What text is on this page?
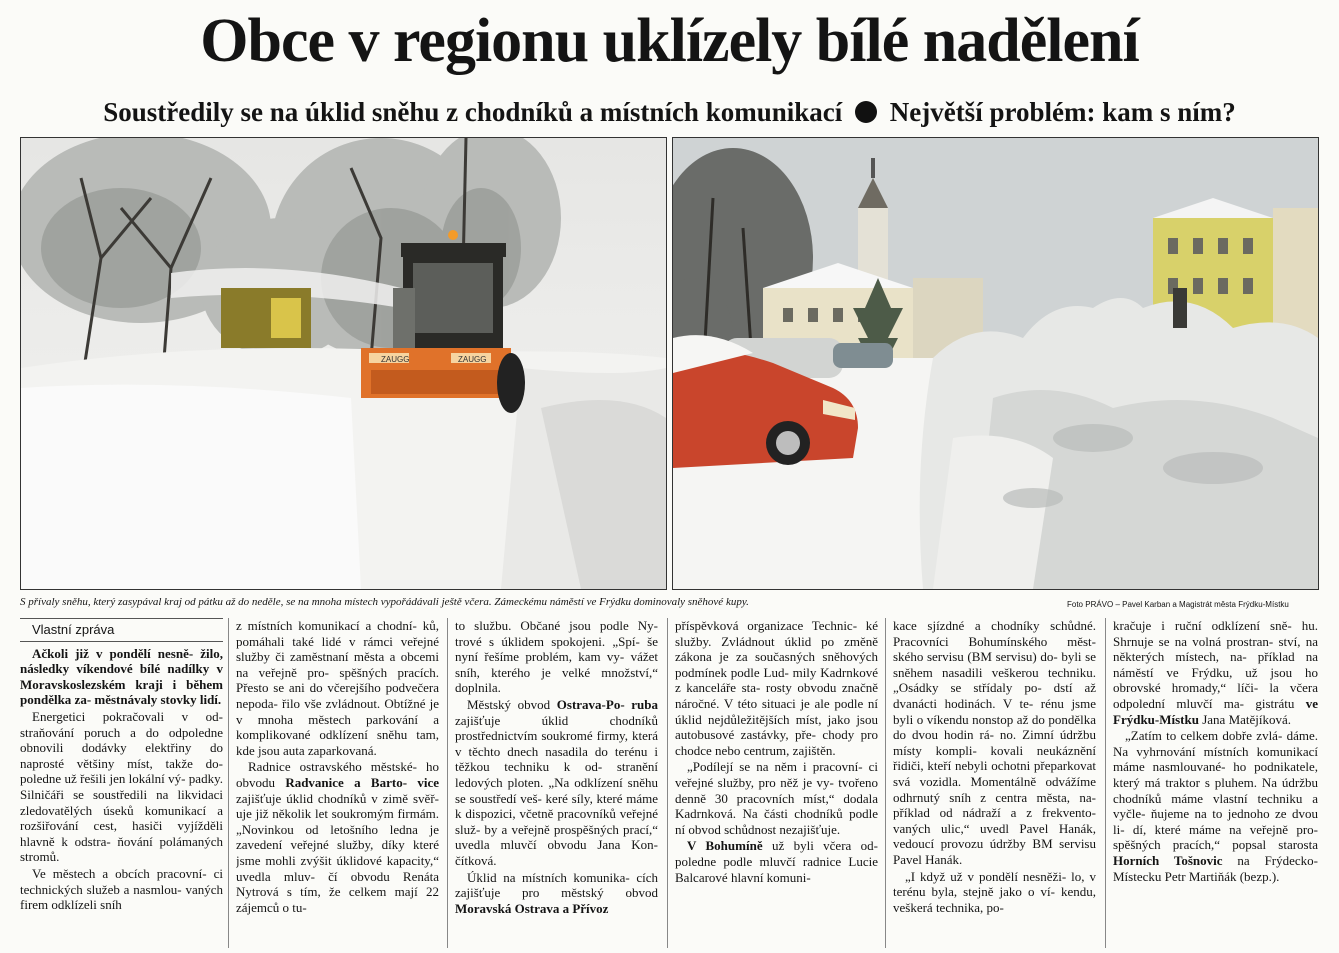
Obce v regionu uklízely bílé nadělení
Soustředily se na úklid sněhu z chodníků a místních komunikací Největší problém: kam s ním?
ZAUGG	ZAUGG
S přívaly sněhu, který zasypával kraj od pátku až do neděle, se na mnoha místech vypořádávali ještě včera. Zámeckému náměstí ve Frýdku dominovaly sněhové kupy.	Foto PRÁVO – Pavel Karban a Magistrát města Frýdku-Místku
Vlastní zpráva

Ačkoli již v pondělí nesně- žilo, následky víkendové bílé nadílky v Moravskoslezském kraji i během pondělka za- městnávaly stovky lidí.

Energetici pokračovali v od- straňování poruch a do odpoledne obnovili dodávky elektřiny do naprosté většiny míst, takže do- poledne už řešili jen lokální vý- padky. Silničáři se soustředili na likvidaci zledovatělých úseků komunikací a rozšiřování cest, hasiči vyjížděli hlavně k odstra- ňování polámaných stromů.

Ve městech a obcích pracovní- ci technických služeb a nasmlou- vaných firem odklízeli sníh

z místních komunikací a chodní- ků, pomáhali také lidé v rámci veřejné služby či zaměstnaní města a obcemi na veřejně pro- spěšných pracích. Přesto se ani do včerejšího podvečera nepoda- řilo vše zvládnout. Obtížné je v mnoha městech parkování a komplikované odklízení sněhu tam, kde jsou auta zaparkovaná.

Radnice ostravského městské- ho obvodu Radvanice a Barto- vice zajišťuje úklid chodníků v zimě svěř- uje již několik let soukromým firmám. „Novinkou od letošního ledna je zavedení veřejné služby, díky které jsme mohli zvýšit úklidové kapacity,“ uvedla mluv- čí obvodu Renáta Nytrová s tím, že celkem mají 22 zájemců o tu-

to službu. Občané jsou podle Ny- trové s úklidem spokojeni. „Spí- še nyní řešíme problém, kam vy- vážet sníh, kterého je velké množství,“ doplnila.

Městský obvod Ostrava-Po- ruba zajišťuje úklid chodníků prostřednictvím soukromé firmy, která v těchto dnech nasadila do terénu i těžkou techniku k od- stranění ledových ploten. „Na odklízení sněhu se soustředí veš- keré síly, které máme k dispozici, včetně pracovníků veřejné služ- by a veřejně prospěšných prací,“ uvedla mluvčí obvodu Jana Kon- čítková.

Úklid na místních komunika- cích zajišťuje pro městský obvod Moravská Ostrava a Přívoz

příspěvková organizace Technic- ké služby. Zvládnout úklid po změně zákona je za současných sněhových podmínek podle Lud- mily Kadrnkové z kanceláře sta- rosty obvodu značně náročné. V této situaci je ale podle ní úklid nejdůležitějších míst, jako jsou autobusové zastávky, pře- chody pro chodce nebo centrum, zajištěn.

„Podílejí se na něm i pracovní- ci veřejné služby, pro něž je vy- tvořeno denně 30 pracovních míst,“ dodala Kadrnková. Na části chodníků podle ní obvod schůdnost nezajišťuje.

V Bohumíně už byli včera od- poledne podle mluvčí radnice Lucie Balcarové hlavní komuni-

kace sjízdné a chodníky schůdné. Pracovníci Bohumínského měst- ského servisu (BM servisu) do- byli se sněhem nasadili veškerou techniku. „Osádky se střídaly po- dstí až dvanácti hodinách. V te- rénu jsme byli o víkendu nonstop až do pondělka do dvou hodin rá- no. Zimní údržbu místy kompli- kovali neukáznění řidiči, kteří nebyli ochotni přeparkovat svá vozidla. Momentálně odvážíme odhrnutý sníh z centra města, na- příklad od nádraží a z frekvento- vaných ulic,“ uvedl Pavel Hanák, vedoucí provozu údržby BM servisu Pavel Hanák.

„I když už v pondělí nesněži- lo, v terénu byla, stejně jako o ví- kendu, veškerá technika, po-

kračuje i ruční odklízení sně- hu. Shrnuje se na volná prostran- ství, na některých místech, na- příklad na náměstí ve Frýdku, už jsou ho obrovské hromady,“ líči- la včera odpolední mluvčí ma- gistrátu ve Frýdku-Místku Jana Matějíková.

„Zatím to celkem dobře zvlá- dáme. Na vyhrnování místních komunikací máme nasmlouvané- ho podnikatele, který má traktor s pluhem. Na údržbu chodníků máme vlastní techniku a vyčle- ňujeme na to jednoho ze dvou li- dí, které máme na veřejně pro- spěšných pracích,“ popsal starosta Horních Tošnovic na Frýdecko-Místecku Petr Martiňák (bezp.).
